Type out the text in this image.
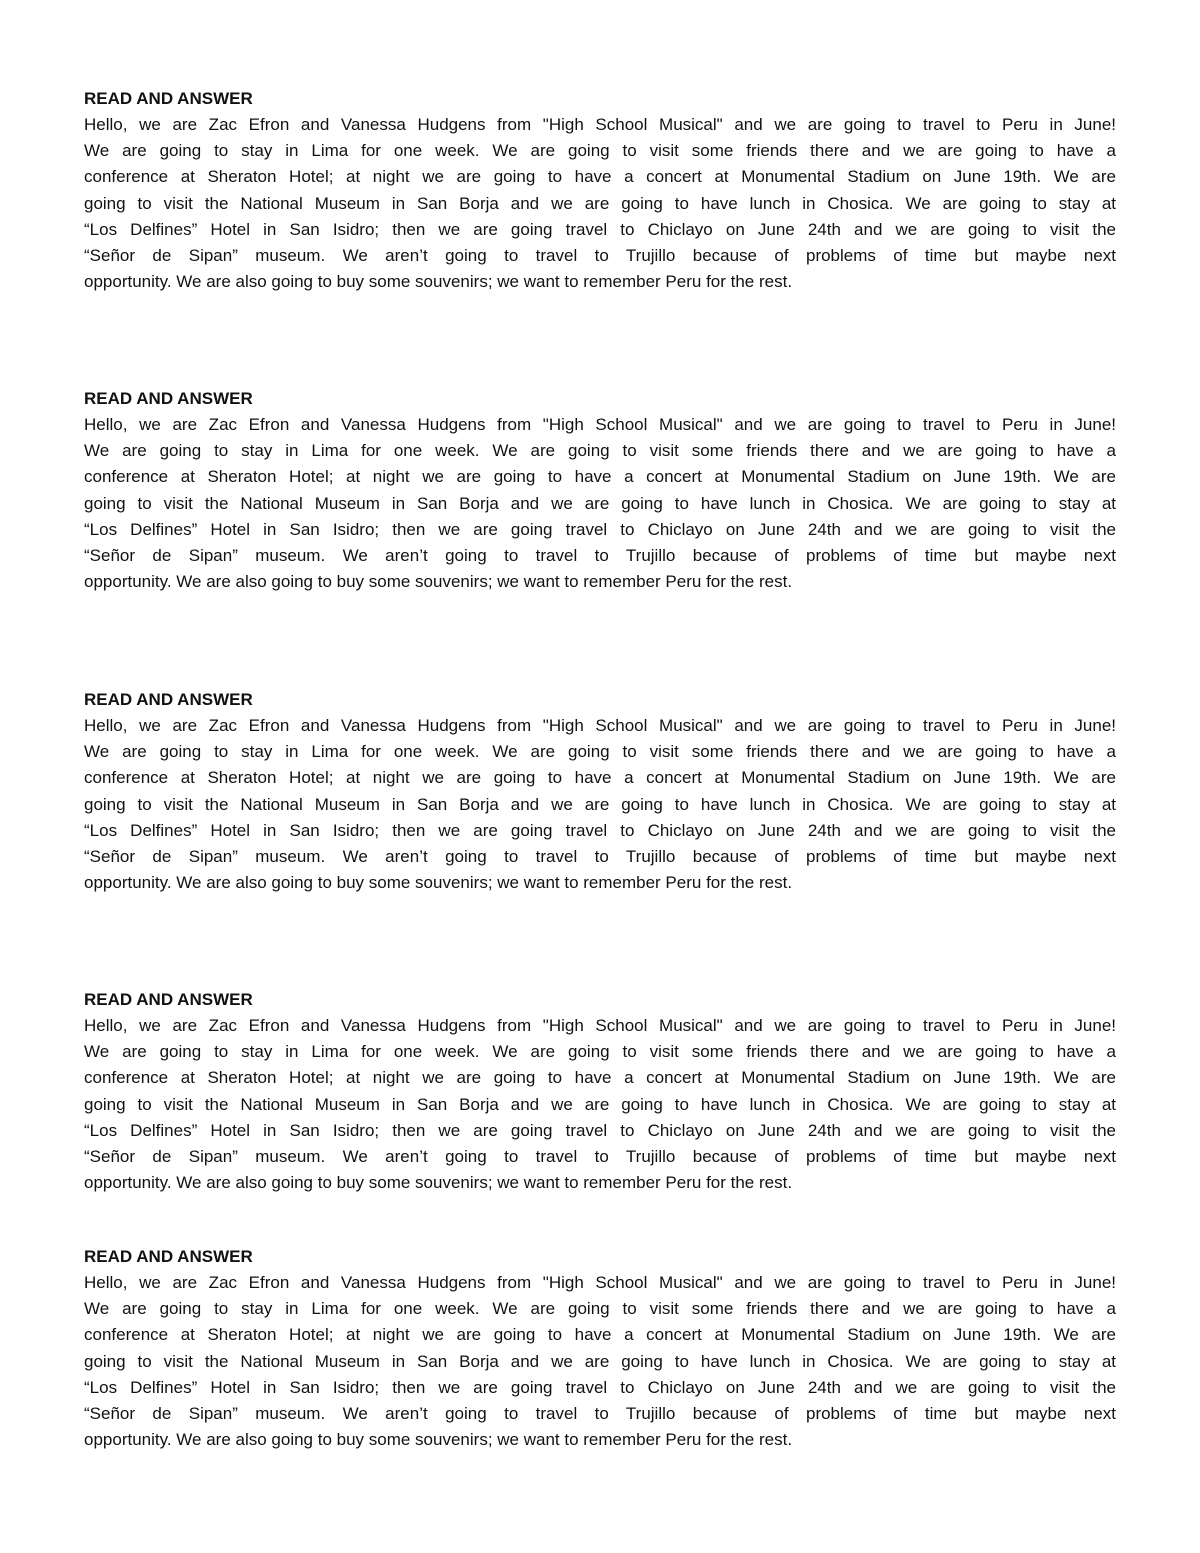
READ AND ANSWER
Hello, we are Zac Efron and Vanessa Hudgens from "High School Musical" and we are going to travel to Peru in June!
We are going to stay in Lima for one week. We are going to visit some friends there and we are going to have a
conference at Sheraton Hotel; at night we are going to have a concert at Monumental Stadium on June 19th. We are
going to visit the National Museum in San Borja and we are going to have lunch in Chosica. We are going to stay at
“Los Delfines” Hotel in San Isidro; then we are going travel to Chiclayo on June 24th and we are going to visit the
“Señor de Sipan” museum. We aren’t going to travel to Trujillo because of problems of time but maybe next
opportunity. We are also going to buy some souvenirs; we want to remember Peru for the rest.
READ AND ANSWER
Hello, we are Zac Efron and Vanessa Hudgens from "High School Musical" and we are going to travel to Peru in June!
We are going to stay in Lima for one week. We are going to visit some friends there and we are going to have a
conference at Sheraton Hotel; at night we are going to have a concert at Monumental Stadium on June 19th. We are
going to visit the National Museum in San Borja and we are going to have lunch in Chosica. We are going to stay at
“Los Delfines” Hotel in San Isidro; then we are going travel to Chiclayo on June 24th and we are going to visit the
“Señor de Sipan” museum. We aren’t going to travel to Trujillo because of problems of time but maybe next
opportunity. We are also going to buy some souvenirs; we want to remember Peru for the rest.
READ AND ANSWER
Hello, we are Zac Efron and Vanessa Hudgens from "High School Musical" and we are going to travel to Peru in June!
We are going to stay in Lima for one week. We are going to visit some friends there and we are going to have a
conference at Sheraton Hotel; at night we are going to have a concert at Monumental Stadium on June 19th. We are
going to visit the National Museum in San Borja and we are going to have lunch in Chosica. We are going to stay at
“Los Delfines” Hotel in San Isidro; then we are going travel to Chiclayo on June 24th and we are going to visit the
“Señor de Sipan” museum. We aren’t going to travel to Trujillo because of problems of time but maybe next
opportunity. We are also going to buy some souvenirs; we want to remember Peru for the rest.
READ AND ANSWER
Hello, we are Zac Efron and Vanessa Hudgens from "High School Musical" and we are going to travel to Peru in June!
We are going to stay in Lima for one week. We are going to visit some friends there and we are going to have a
conference at Sheraton Hotel; at night we are going to have a concert at Monumental Stadium on June 19th. We are
going to visit the National Museum in San Borja and we are going to have lunch in Chosica. We are going to stay at
“Los Delfines” Hotel in San Isidro; then we are going travel to Chiclayo on June 24th and we are going to visit the
“Señor de Sipan” museum. We aren’t going to travel to Trujillo because of problems of time but maybe next
opportunity. We are also going to buy some souvenirs; we want to remember Peru for the rest.
READ AND ANSWER
Hello, we are Zac Efron and Vanessa Hudgens from "High School Musical" and we are going to travel to Peru in June!
We are going to stay in Lima for one week. We are going to visit some friends there and we are going to have a
conference at Sheraton Hotel; at night we are going to have a concert at Monumental Stadium on June 19th. We are
going to visit the National Museum in San Borja and we are going to have lunch in Chosica. We are going to stay at
“Los Delfines” Hotel in San Isidro; then we are going travel to Chiclayo on June 24th and we are going to visit the
“Señor de Sipan” museum. We aren’t going to travel to Trujillo because of problems of time but maybe next
opportunity. We are also going to buy some souvenirs; we want to remember Peru for the rest.
